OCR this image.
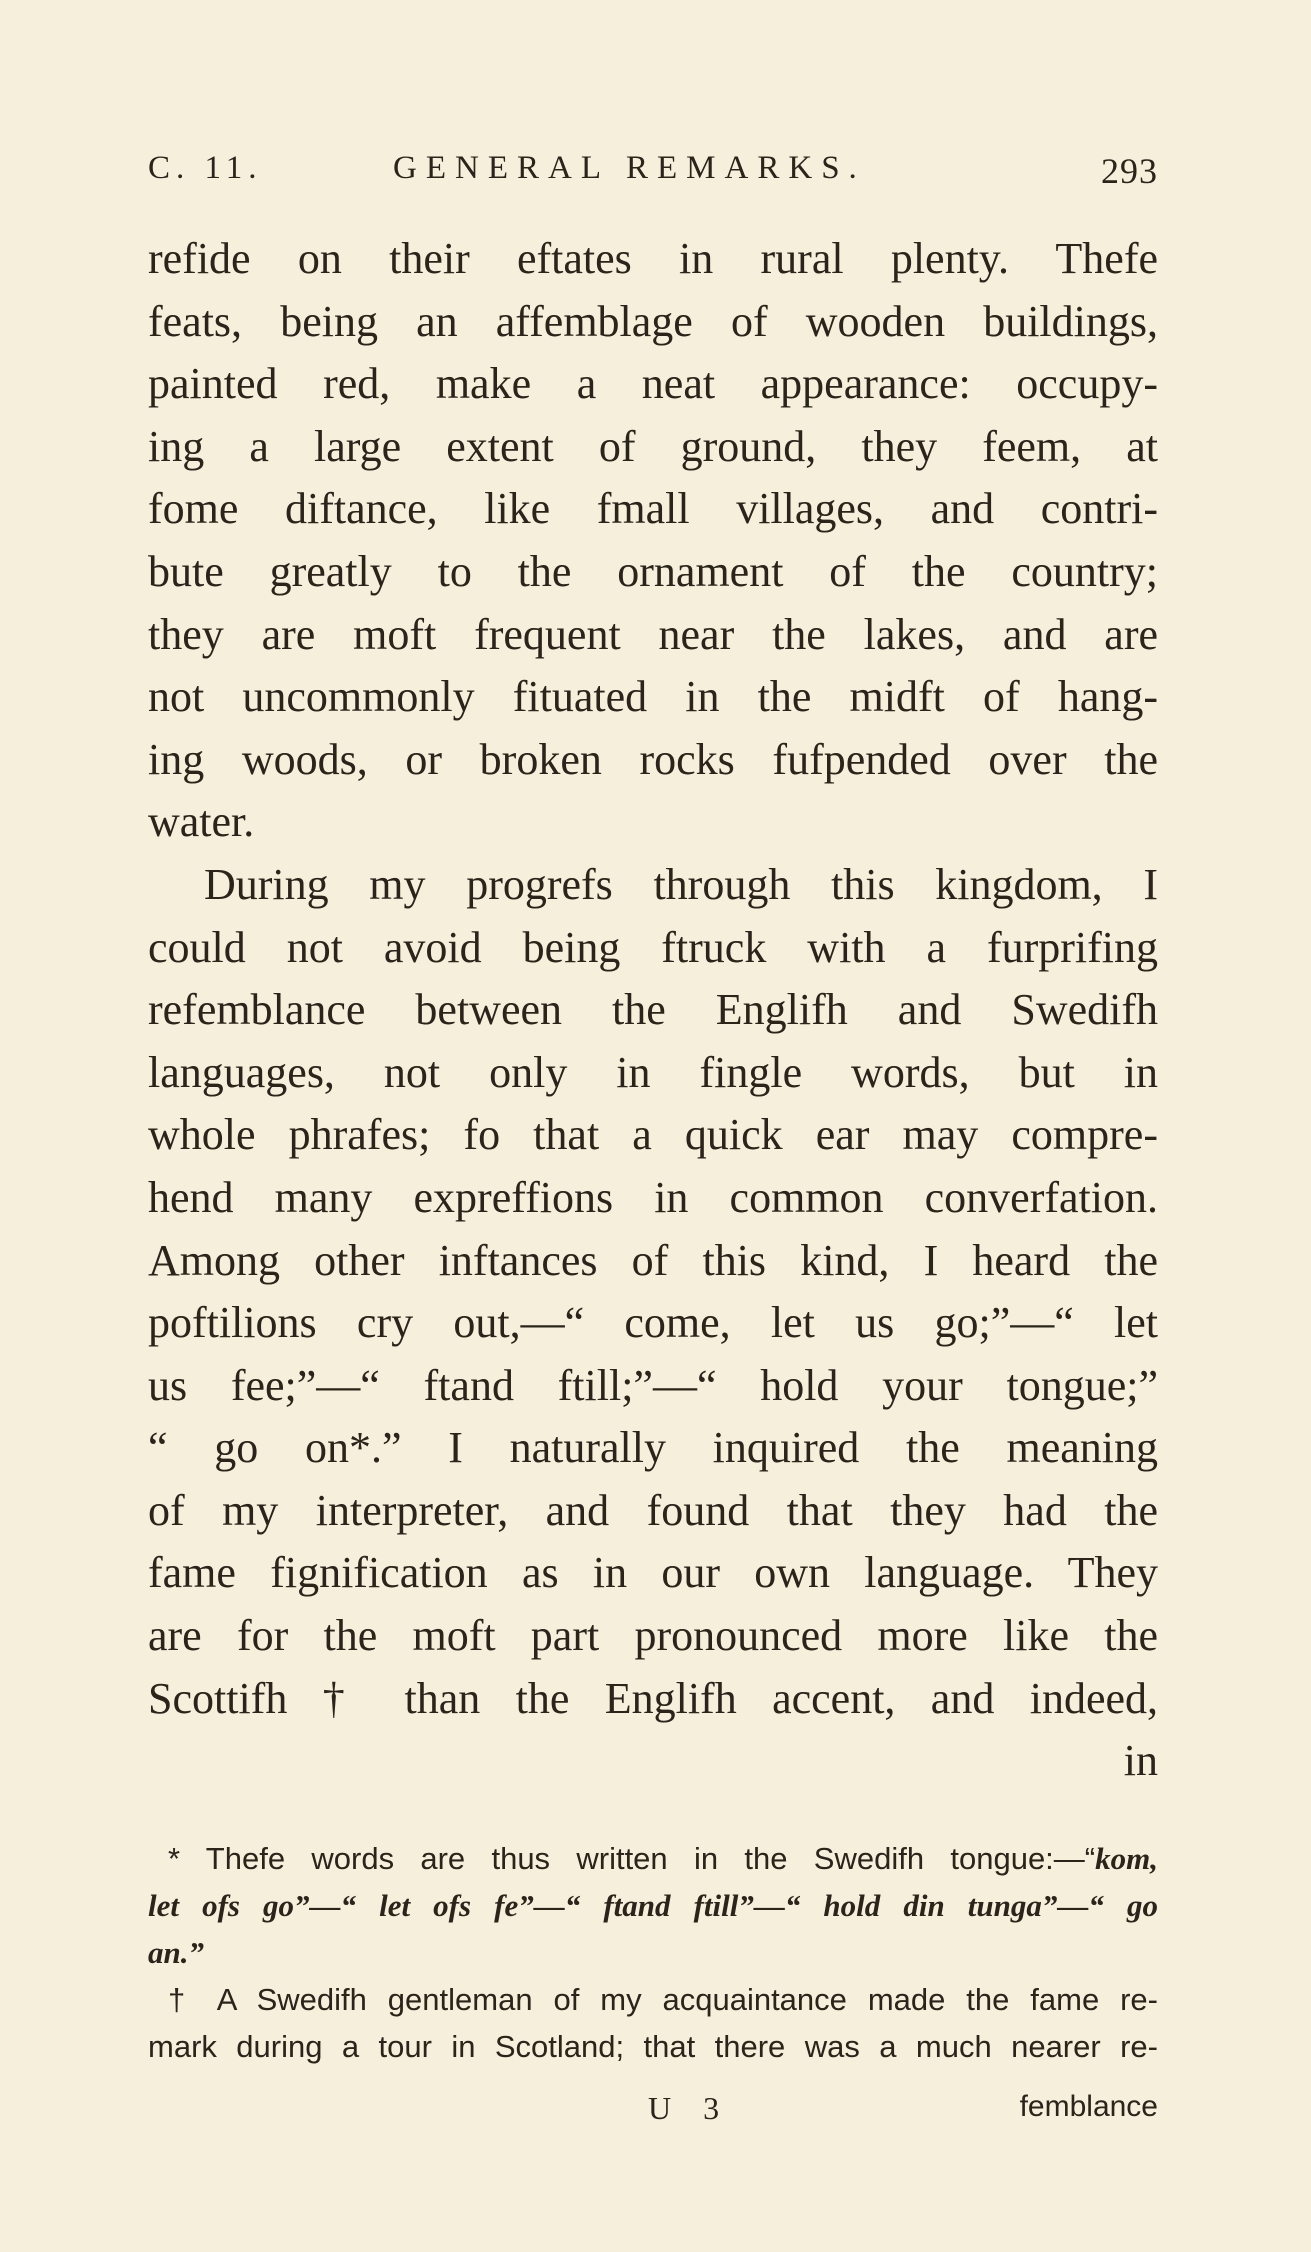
C. 11.	GENERAL REMARKS.	293
refide on their eftates in rural plenty. Thefe
feats, being an affemblage of wooden buildings,
painted red, make a neat appearance: occupy-
ing a large extent of ground, they feem, at
fome diftance, like fmall villages, and contri-
bute greatly to the ornament of the country;
they are moft frequent near the lakes, and are
not uncommonly fituated in the midft of hang-
ing woods, or broken rocks fufpended over the
water.
During my progrefs through this kingdom, I
could not avoid being ftruck with a furprifing
refemblance between the Englifh and Swedifh
languages, not only in fingle words, but in
whole phrafes; fo that a quick ear may compre-
hend many expreffions in common converfation.
Among other inftances of this kind, I heard the
poftilions cry out,—“ come, let us go;”—“ let
us fee;”—“ ftand ftill;”—“ hold your tongue;”
“ go on*.” I naturally inquired the meaning
of my interpreter, and found that they had the
fame fignification as in our own language. They
are for the moft part pronounced more like the
Scottifh † than the Englifh accent, and indeed,
in
* Thefe words are thus written in the Swedifh tongue:—“kom,
let ofs go”—“ let ofs fe”—“ ftand ftill”—“ hold din tunga”—“ go
an.”
† A Swedifh gentleman of my acquaintance made the fame re-
mark during a tour in Scotland; that there was a much nearer re-
U 3	femblance
